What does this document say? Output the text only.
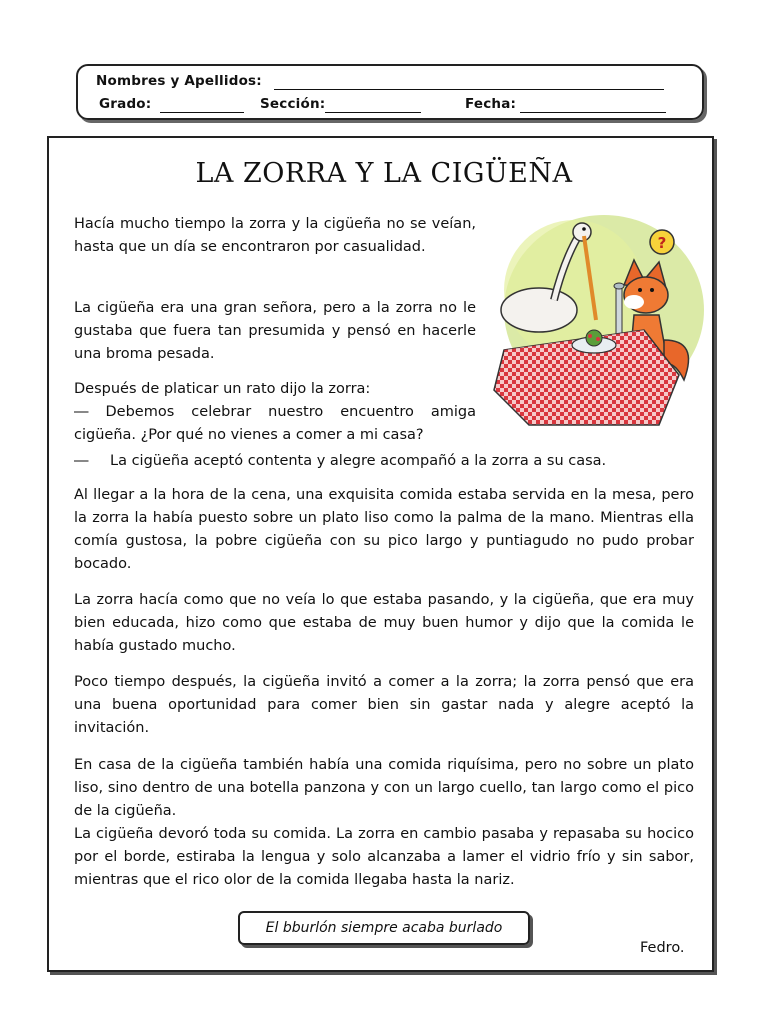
Nombres y Apellidos:
Grado:	Sección:	Fecha:
LA ZORRA Y LA CIGÜEÑA
Hacía mucho tiempo la zorra y la cigüeña no se veían, hasta que un día se encontraron por casualidad.
La cigüeña era una gran señora, pero a la zorra no le gustaba que fuera tan presumida y pensó en hacerle una broma pesada.
Después de platicar un rato dijo la zorra:
― Debemos celebrar nuestro encuentro amiga cigüeña. ¿Por qué no vienes a comer a mi casa?
― La cigüeña aceptó contenta y alegre acompañó a la zorra a su casa.
Al llegar a la hora de la cena, una exquisita comida estaba servida en la mesa, pero la zorra la había puesto sobre un plato liso como la palma de la mano. Mientras ella comía gustosa, la pobre cigüeña con su pico largo y puntiagudo no pudo probar bocado.
La zorra hacía como que no veía lo que estaba pasando, y la cigüeña, que era muy bien educada, hizo como que estaba de muy buen humor y dijo que la comida le había gustado mucho.
Poco tiempo después, la cigüeña invitó a comer a la zorra; la zorra pensó que era una buena oportunidad para comer bien sin gastar nada y alegre aceptó la invitación.
En casa de la cigüeña también había una comida riquísima, pero no sobre un plato liso, sino dentro de una botella panzona y con un largo cuello, tan largo como el pico de la cigüeña.
La cigüeña devoró toda su comida. La zorra en cambio pasaba y repasaba su hocico por el borde, estiraba la lengua y solo alcanzaba a lamer el vidrio frío y sin sabor, mientras que el rico olor de la comida llegaba hasta la nariz.
?
El bburlón siempre acaba burlado
Fedro.
